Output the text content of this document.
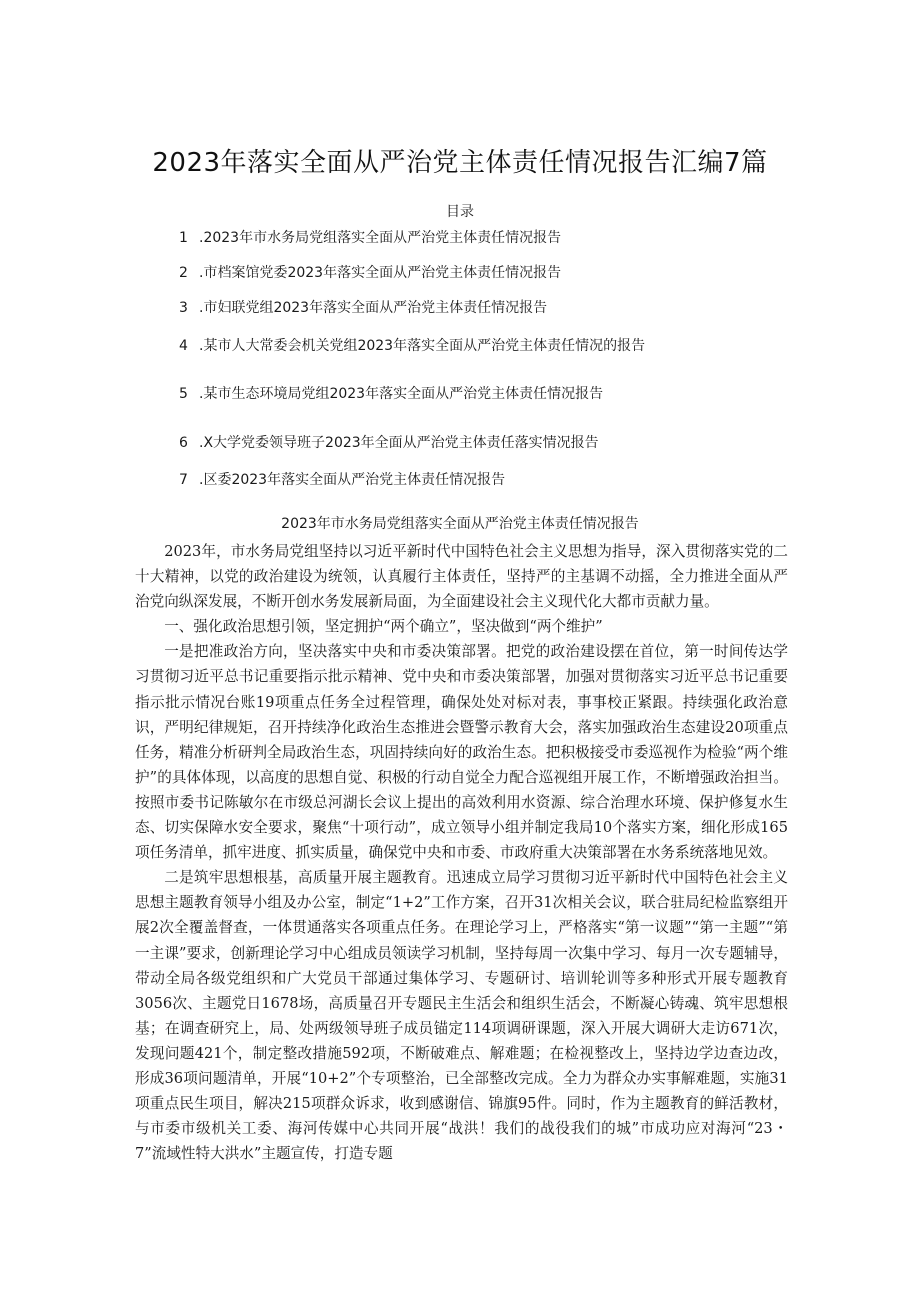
2023年落实全面从严治党主体责任情况报告汇编7篇
目录
1 .2023年市水务局党组落实全面从严治党主体责任情况报告
2 .市档案馆党委2023年落实全面从严治党主体责任情况报告
3 .市妇联党组2023年落实全面从严治党主体责任情况报告
4 .某市人大常委会机关党组2023年落实全面从严治党主体责任情况的报告
5 .某市生态环境局党组2023年落实全面从严治党主体责任情况报告
6 .X大学党委领导班子2023年全面从严治党主体责任落实情况报告
7 .区委2023年落实全面从严治党主体责任情况报告
2023年市水务局党组落实全面从严治党主体责任情况报告

2023年，市水务局党组坚持以习近平新时代中国特色社会主义思想为指导，深入贯彻落实党的二十大精神，以党的政治建设为统领，认真履行主体责任，坚持严的主基调不动摇，全力推进全面从严治党向纵深发展，不断开创水务发展新局面，为全面建设社会主义现代化大都市贡献力量。

一、强化政治思想引领，坚定拥护“两个确立”，坚决做到“两个维护”

一是把准政治方向，坚决落实中央和市委决策部署。把党的政治建设摆在首位，第一时间传达学习贯彻习近平总书记重要指示批示精神、党中央和市委决策部署，加强对贯彻落实习近平总书记重要指示批示情况台账19项重点任务全过程管理，确保处处对标对表，事事校正紧跟。持续强化政治意识，严明纪律规矩，召开持续净化政治生态推进会暨警示教育大会，落实加强政治生态建设20项重点任务，精准分析研判全局政治生态，巩固持续向好的政治生态。把积极接受市委巡视作为检验“两个维护”的具体体现，以高度的思想自觉、积极的行动自觉全力配合巡视组开展工作，不断增强政治担当。按照市委书记陈敏尔在市级总河湖长会议上提出的高效利用水资源、综合治理水环境、保护修复水生态、切实保障水安全要求，聚焦“十项行动”，成立领导小组并制定我局10个落实方案，细化形成165项任务清单，抓牢进度、抓实质量，确保党中央和市委、市政府重大决策部署在水务系统落地见效。

二是筑牢思想根基，高质量开展主题教育。迅速成立局学习贯彻习近平新时代中国特色社会主义思想主题教育领导小组及办公室，制定“1+2”工作方案，召开31次相关会议，联合驻局纪检监察组开展2次全覆盖督查，一体贯通落实各项重点任务。在理论学习上，严格落实“第一议题”“第一主题”“第一主课”要求，创新理论学习中心组成员领读学习机制，坚持每周一次集中学习、每月一次专题辅导，带动全局各级党组织和广大党员干部通过集体学习、专题研讨、培训轮训等多种形式开展专题教育3056次、主题党日1678场，高质量召开专题民主生活会和组织生活会，不断凝心铸魂、筑牢思想根基；在调查研究上，局、处两级领导班子成员锚定114项调研课题，深入开展大调研大走访671次，发现问题421个，制定整改措施592项，不断破难点、解难题；在检视整改上，坚持边学边查边改，形成36项问题清单，开展“10+2”个专项整治，已全部整改完成。全力为群众办实事解难题，实施31项重点民生项目，解决215项群众诉求，收到感谢信、锦旗95件。同时，作为主题教育的鲜活教材，与市委市级机关工委、海河传媒中心共同开展“战洪！我们的战役我们的城”市成功应对海河“23・7”流域性特大洪水”主题宣传，打造专题
